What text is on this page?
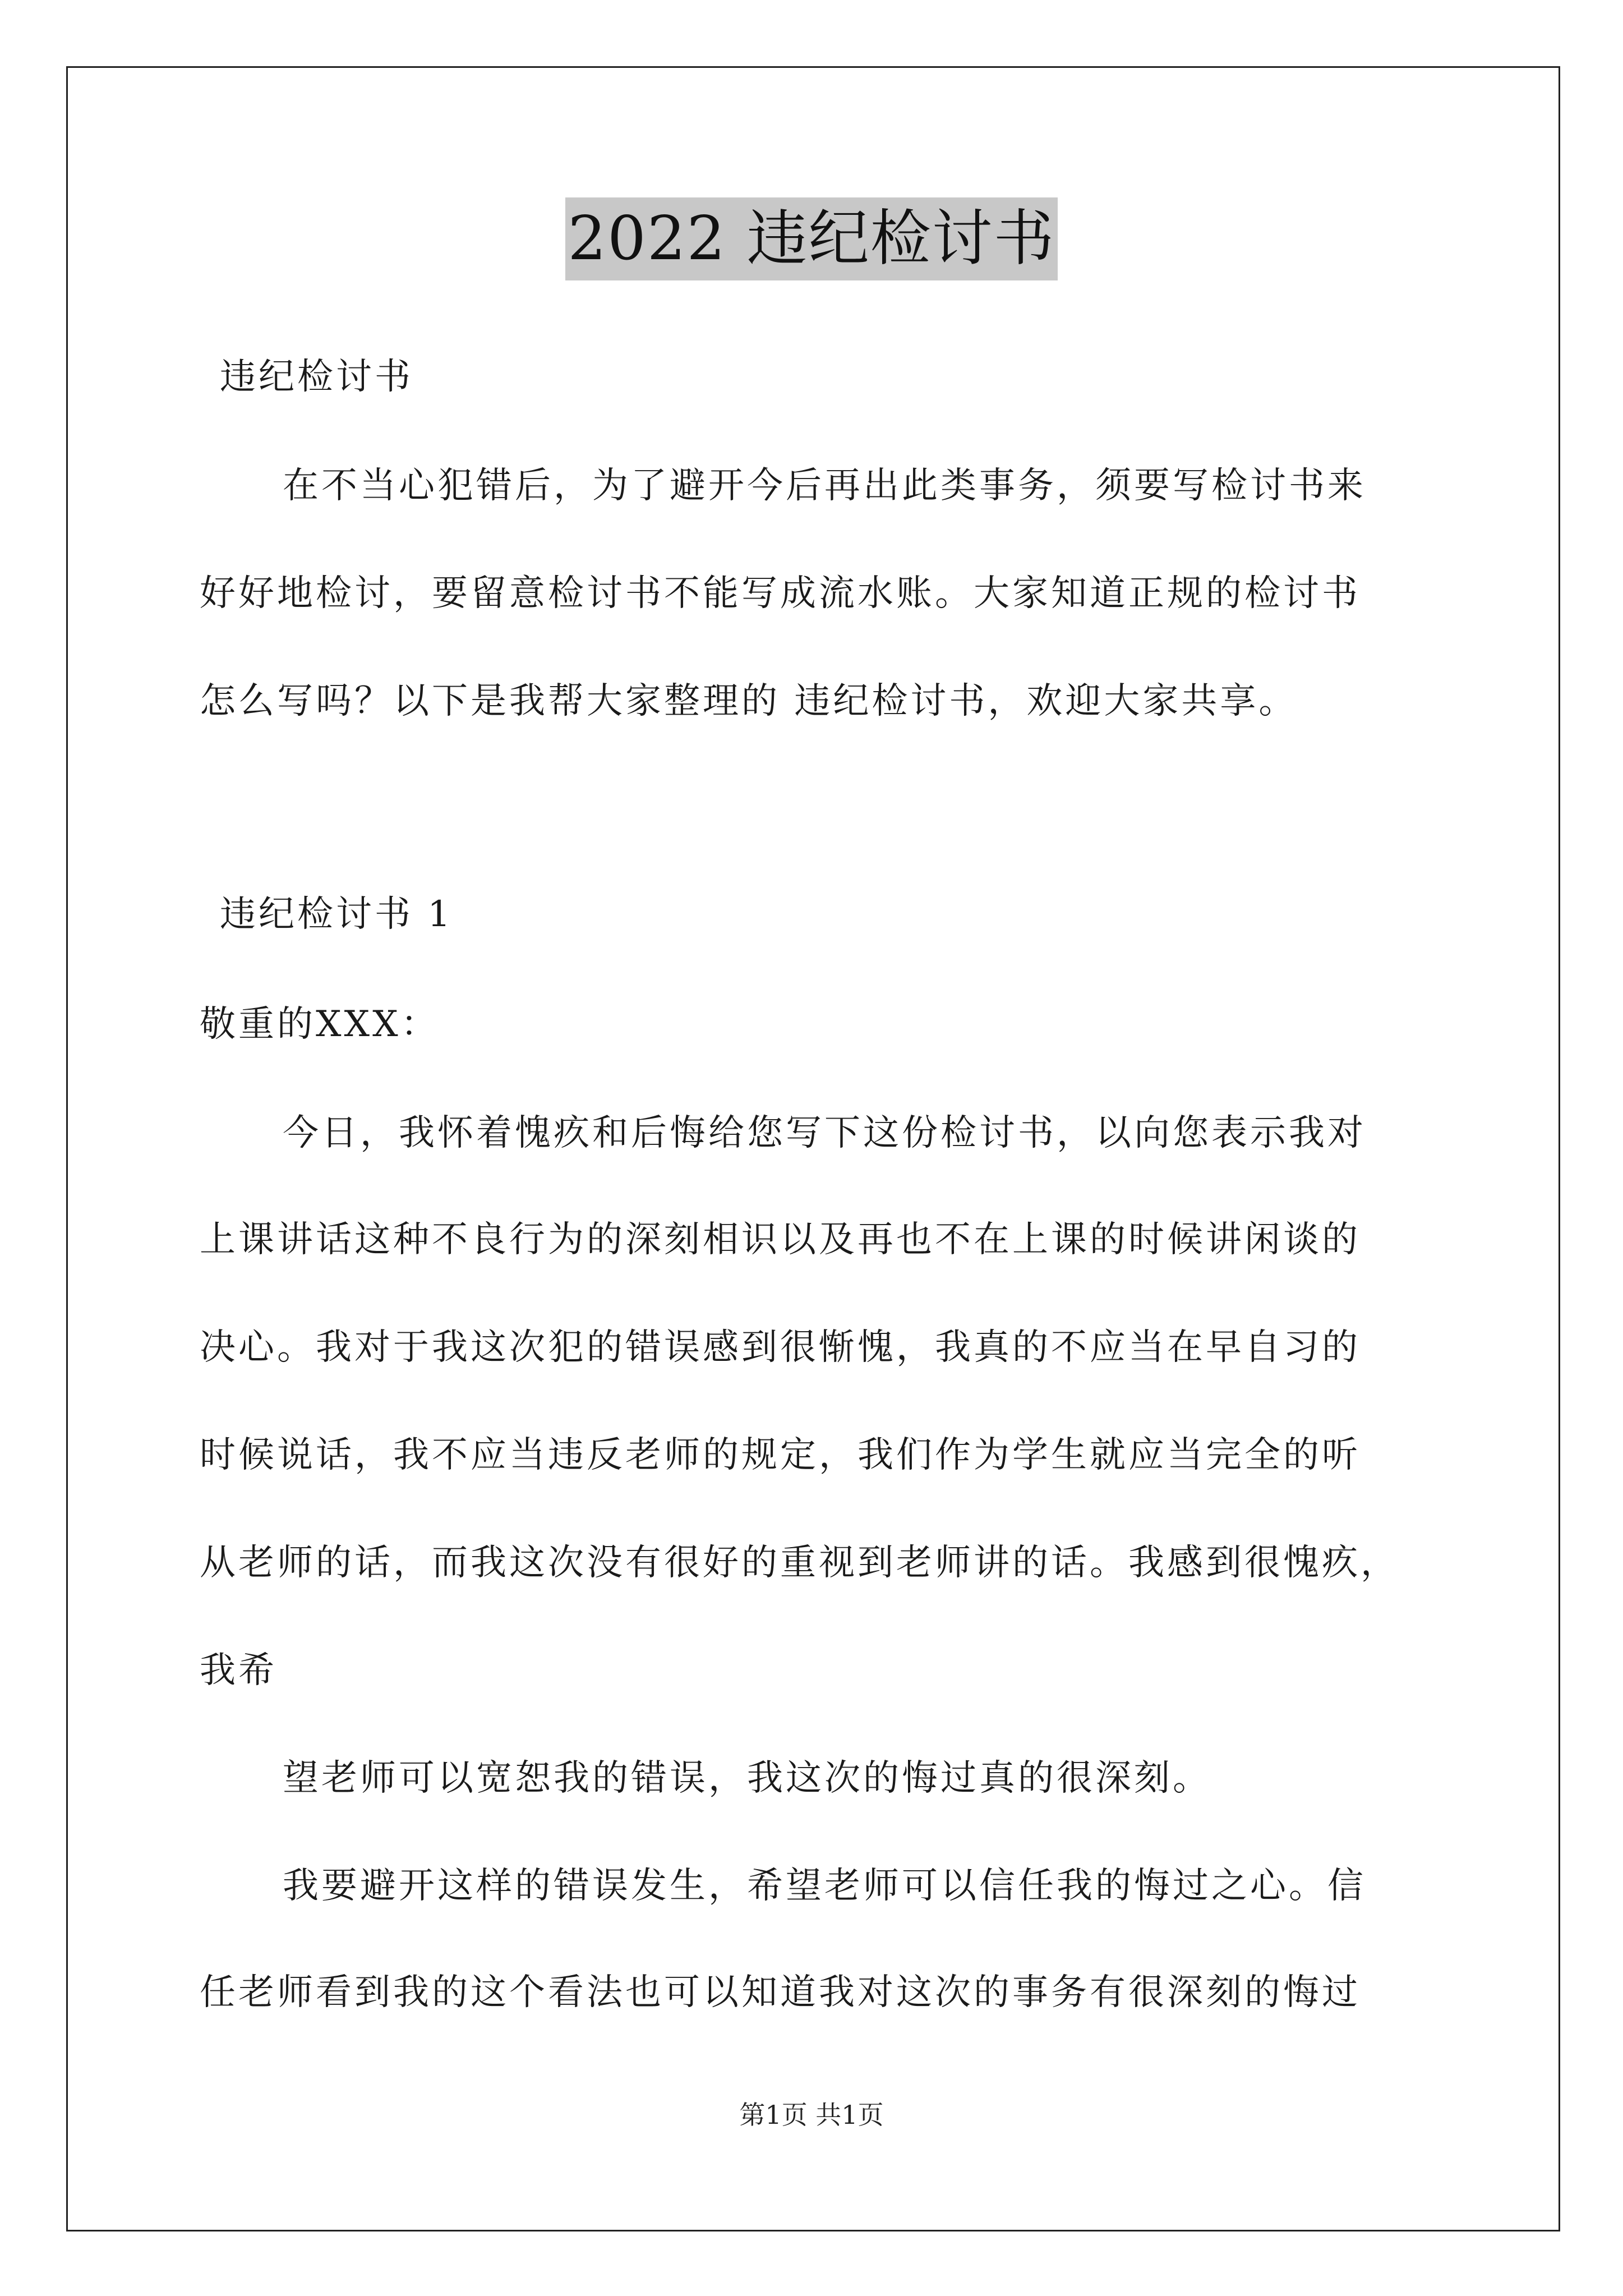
2022 违纪检讨书
违纪检讨书
在不当心犯错后，为了避开今后再出此类事务，须要写检讨书来
好好地检讨，要留意检讨书不能写成流水账。大家知道正规的检讨书
怎么写吗？以下是我帮大家整理的 违纪检讨书，欢迎大家共享。
违纪检讨书 1
敬重的XXX：
今日，我怀着愧疚和后悔给您写下这份检讨书，以向您表示我对
上课讲话这种不良行为的深刻相识以及再也不在上课的时候讲闲谈的
决心。我对于我这次犯的错误感到很惭愧，我真的不应当在早自习的
时候说话，我不应当违反老师的规定，我们作为学生就应当完全的听
从老师的话，而我这次没有很好的重视到老师讲的话。我感到很愧疚，
我希
望老师可以宽恕我的错误，我这次的悔过真的很深刻。
我要避开这样的错误发生，希望老师可以信任我的悔过之心。信
任老师看到我的这个看法也可以知道我对这次的事务有很深刻的悔过
第1页 共1页
